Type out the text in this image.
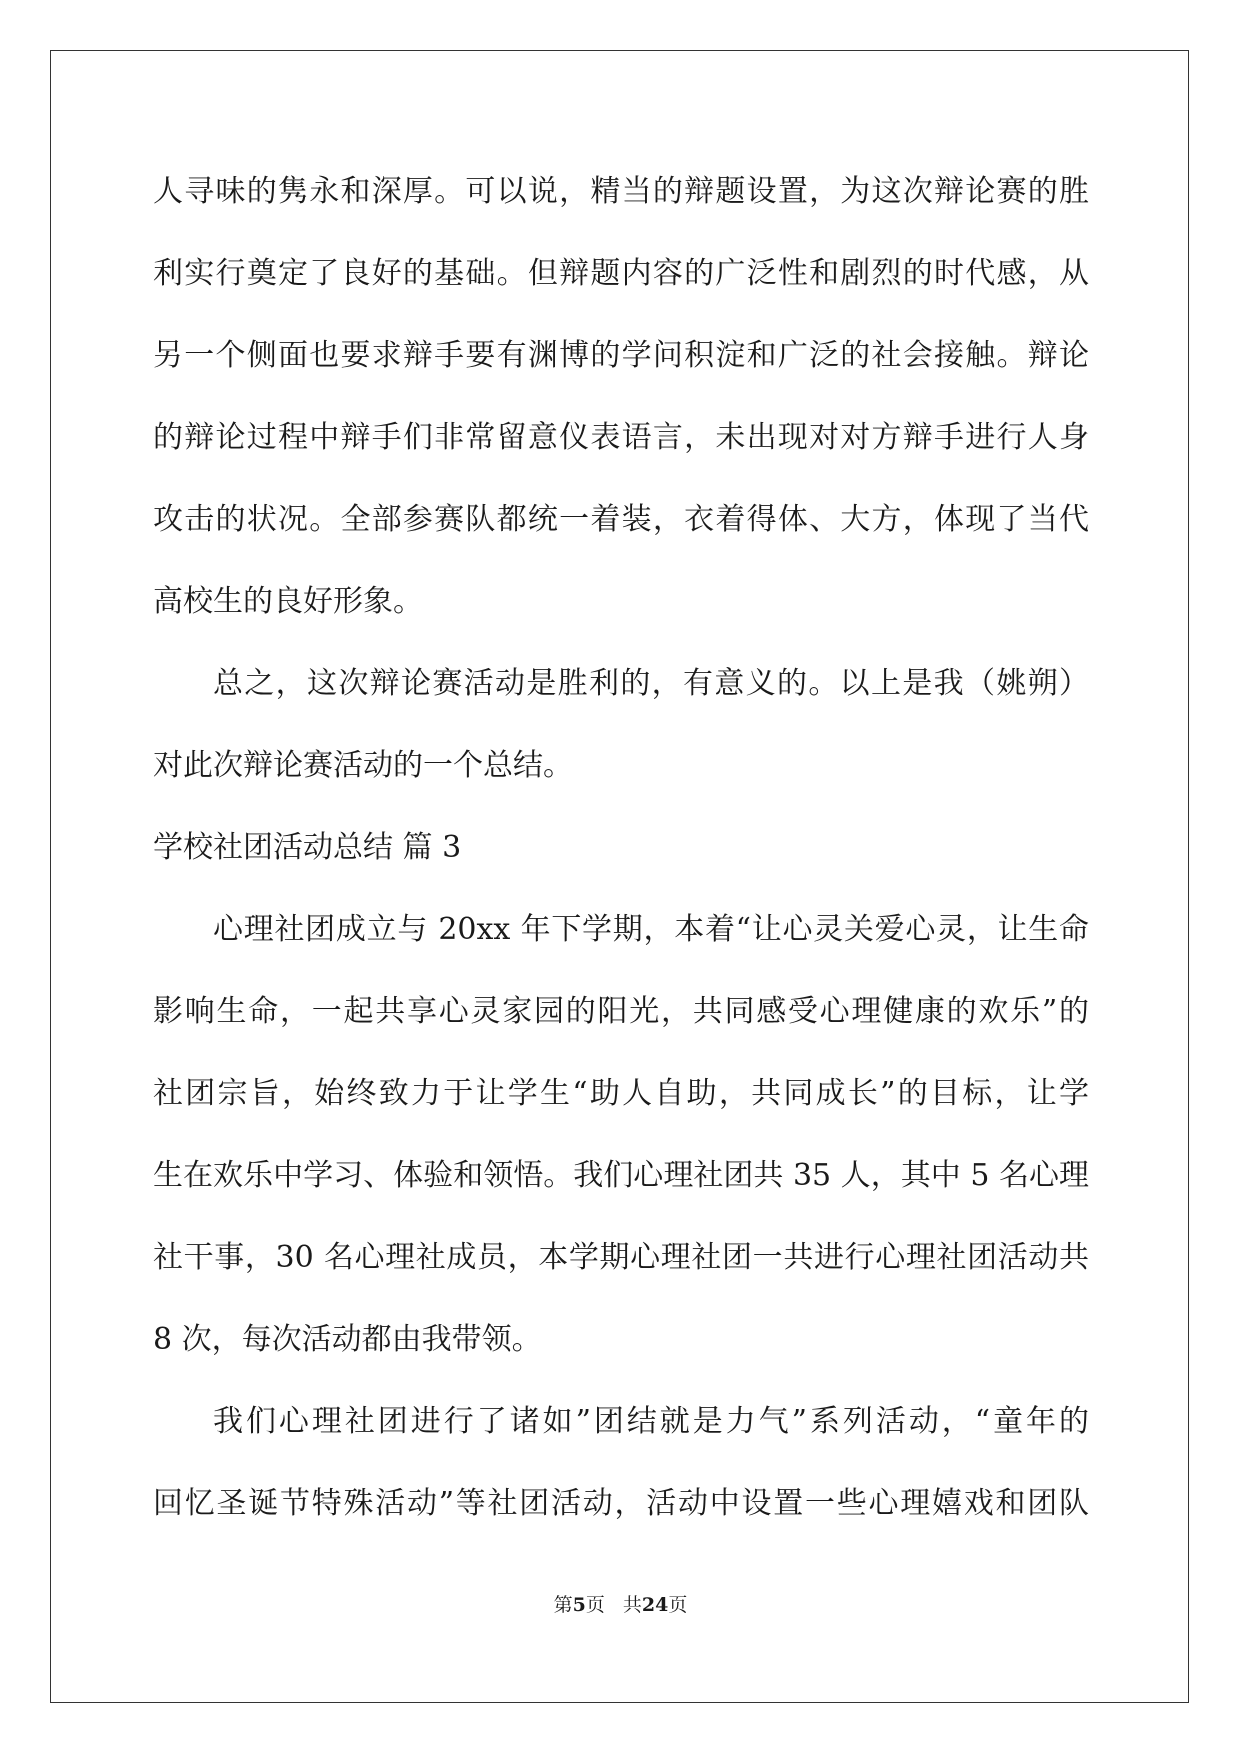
人寻味的隽永和深厚。可以说，精当的辩题设置，为这次辩论赛的胜
利实行奠定了良好的基础。但辩题内容的广泛性和剧烈的时代感，从
另一个侧面也要求辩手要有渊博的学问积淀和广泛的社会接触。辩论
的辩论过程中辩手们非常留意仪表语言，未出现对对方辩手进行人身
攻击的状况。全部参赛队都统一着装，衣着得体、大方，体现了当代
高校生的良好形象。
总之，这次辩论赛活动是胜利的，有意义的。以上是我（姚朔）
对此次辩论赛活动的一个总结。
学校社团活动总结 篇 3
心理社团成立与 20xx 年下学期，本着“让心灵关爱心灵，让生命
影响生命，一起共享心灵家园的阳光，共同感受心理健康的欢乐”的
社团宗旨，始终致力于让学生“助人自助，共同成长”的目标，让学
生在欢乐中学习、体验和领悟。我们心理社团共 35 人，其中 5 名心理
社干事，30 名心理社成员，本学期心理社团一共进行心理社团活动共
8 次，每次活动都由我带领。
我们心理社团进行了诸如”团结就是力气”系列活动，“童年的
回忆圣诞节特殊活动”等社团活动，活动中设置一些心理嬉戏和团队
第5页 共24页
